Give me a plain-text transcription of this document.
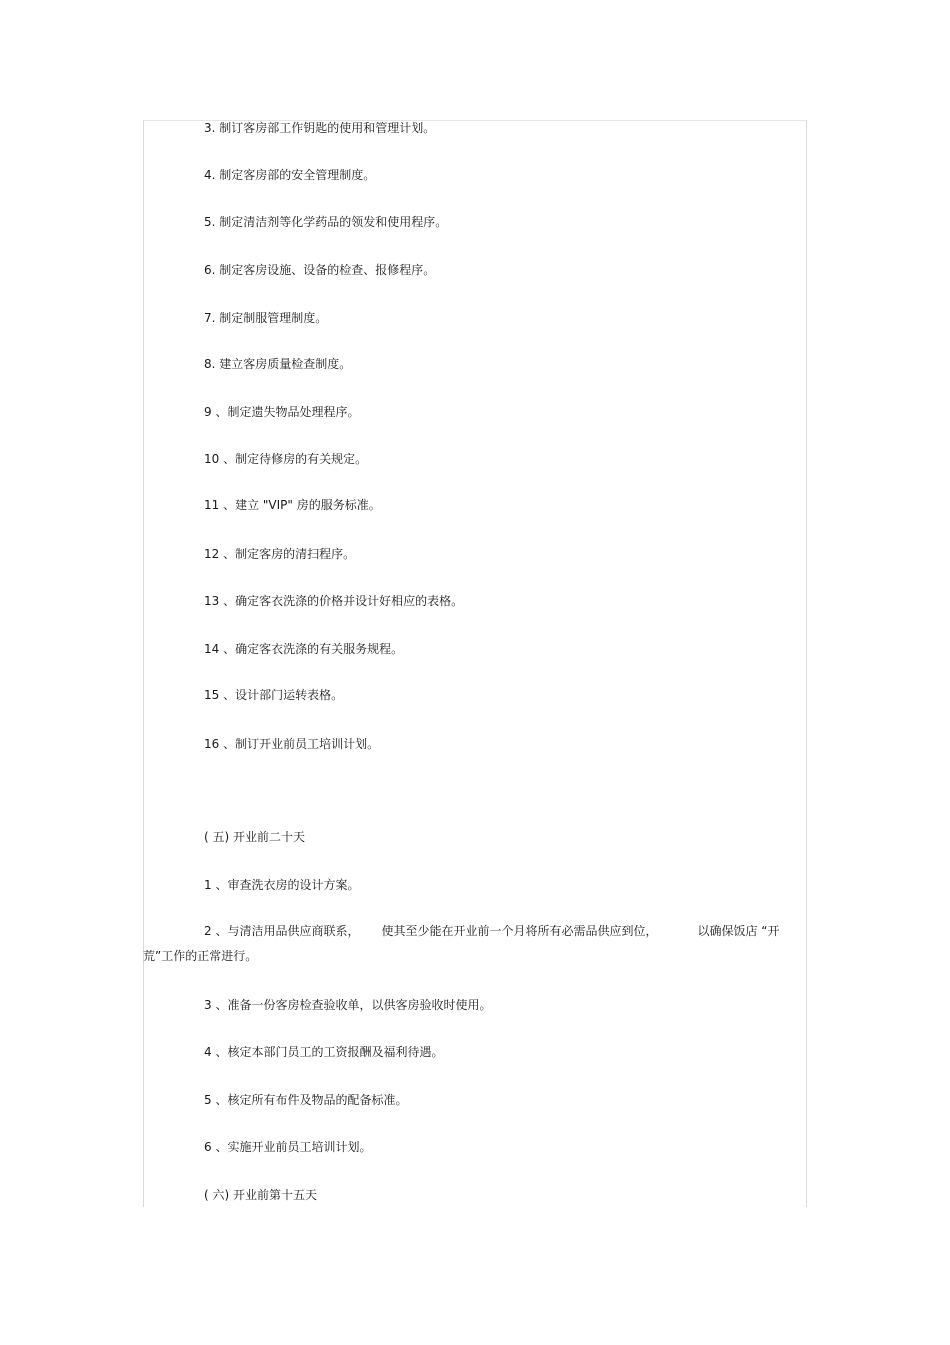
3. 制订客房部工作钥匙的使用和管理计划。
4. 制定客房部的安全管理制度。
5. 制定清洁剂等化学药品的领发和使用程序。
6. 制定客房设施、设备的检查、报修程序。
7. 制定制服管理制度。
8. 建立客房质量检查制度。
9 、制定遗失物品处理程序。
10 、制定待修房的有关规定。
11 、建立 "VIP" 房的服务标准。
12 、制定客房的清扫程序。
13 、确定客衣洗涤的价格并设计好相应的表格。
14 、确定客衣洗涤的有关服务规程。
15 、设计部门运转表格。
16 、制订开业前员工培训计划。
( 五) 开业前二十天
1 、审查洗衣房的设计方案。
2 、与清洁用品供应商联系， 使其至少能在开业前一个月将所有必需品供应到位，	以确保饭店 “开荒”工作的正常进行。
3 、准备一份客房检查验收单，以供客房验收时使用。
4 、核定本部门员工的工资报酬及福利待遇。
5 、核定所有布件及物品的配备标准。
6 、实施开业前员工培训计划。
( 六) 开业前第十五天
